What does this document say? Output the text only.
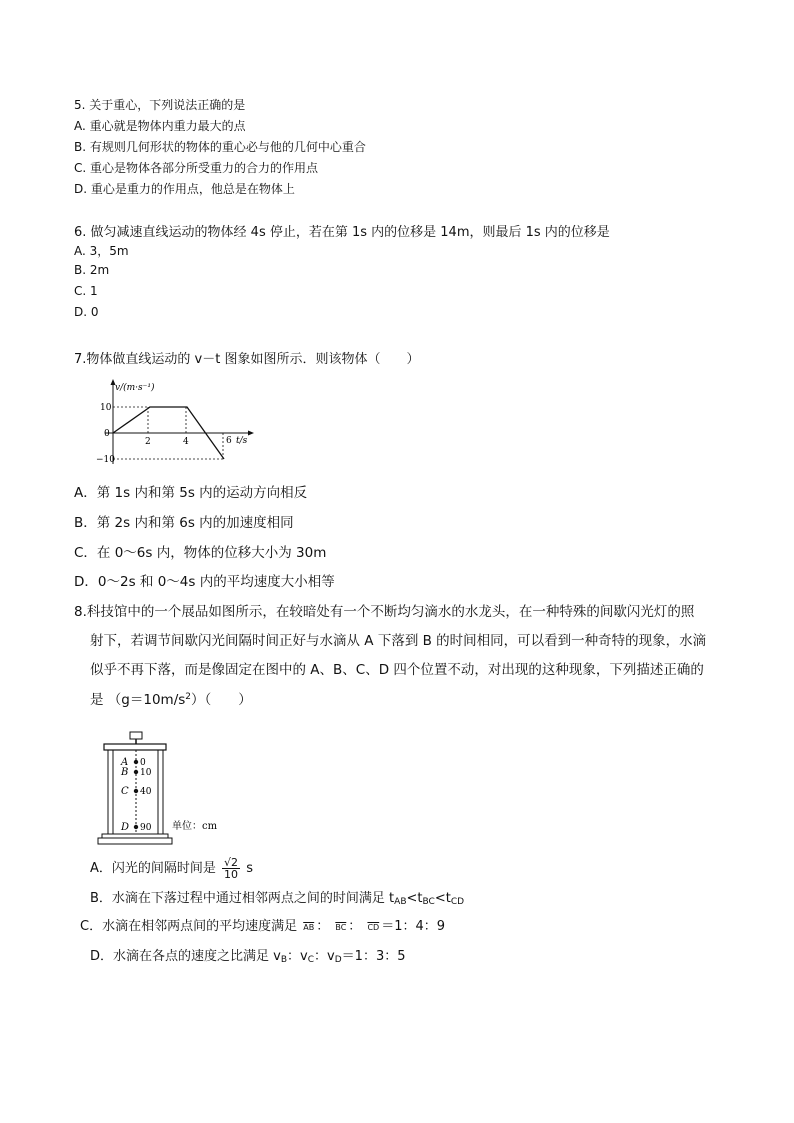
5. 关于重心，下列说法正确的是
A. 重心就是物体内重力最大的点
B. 有规则几何形状的物体的重心必与他的几何中心重合
C. 重心是物体各部分所受重力的合力的作用点
D. 重心是重力的作用点，他总是在物体上
6. 做匀减速直线运动的物体经 4s 停止，若在第 1s 内的位移是 14m，则最后 1s 内的位移是
A. 3，5m
B. 2m
C. 1
D. 0
7.物体做直线运动的 v－t 图象如图所示．则该物体（　　）
v/(m·s⁻¹)
10
0
−10
2	4	6 t/s
A．第 1s 内和第 5s 内的运动方向相反
B．第 2s 内和第 6s 内的加速度相同
C．在 0～6s 内，物体的位移大小为 30m
D．0～2s 和 0～4s 内的平均速度大小相等
8.科技馆中的一个展品如图所示，在较暗处有一个不断均匀滴水的水龙头，在一种特殊的间歇闪光灯的照
射下，若调节间歇闪光间隔时间正好与水滴从 A 下落到 B 的时间相同，可以看到一种奇特的现象，水滴
似乎不再下落，而是像固定在图中的 A、B、C、D 四个位置不动，对出现的这种现象，下列描述正确的
是 $(g=10m/s^2)$（　　）
A
B
C
D
0
10
40
90 单位：cm
A．闪光的间隔时间是 $\frac{√2}{10}$ s
B．水滴在下落过程中通过相邻两点之间的时间满足 $t_{AB}<t_{BC}<t_{CD}$
C．水滴在相邻两点间的平均速度满足 $\overline{AB}$ ： $\overline{BC}$ ： $\overline{CD} =1$：4：9
D．水滴在各点的速度之比满足 $v_B$：$v_C$：$v_D=1$：3：5
